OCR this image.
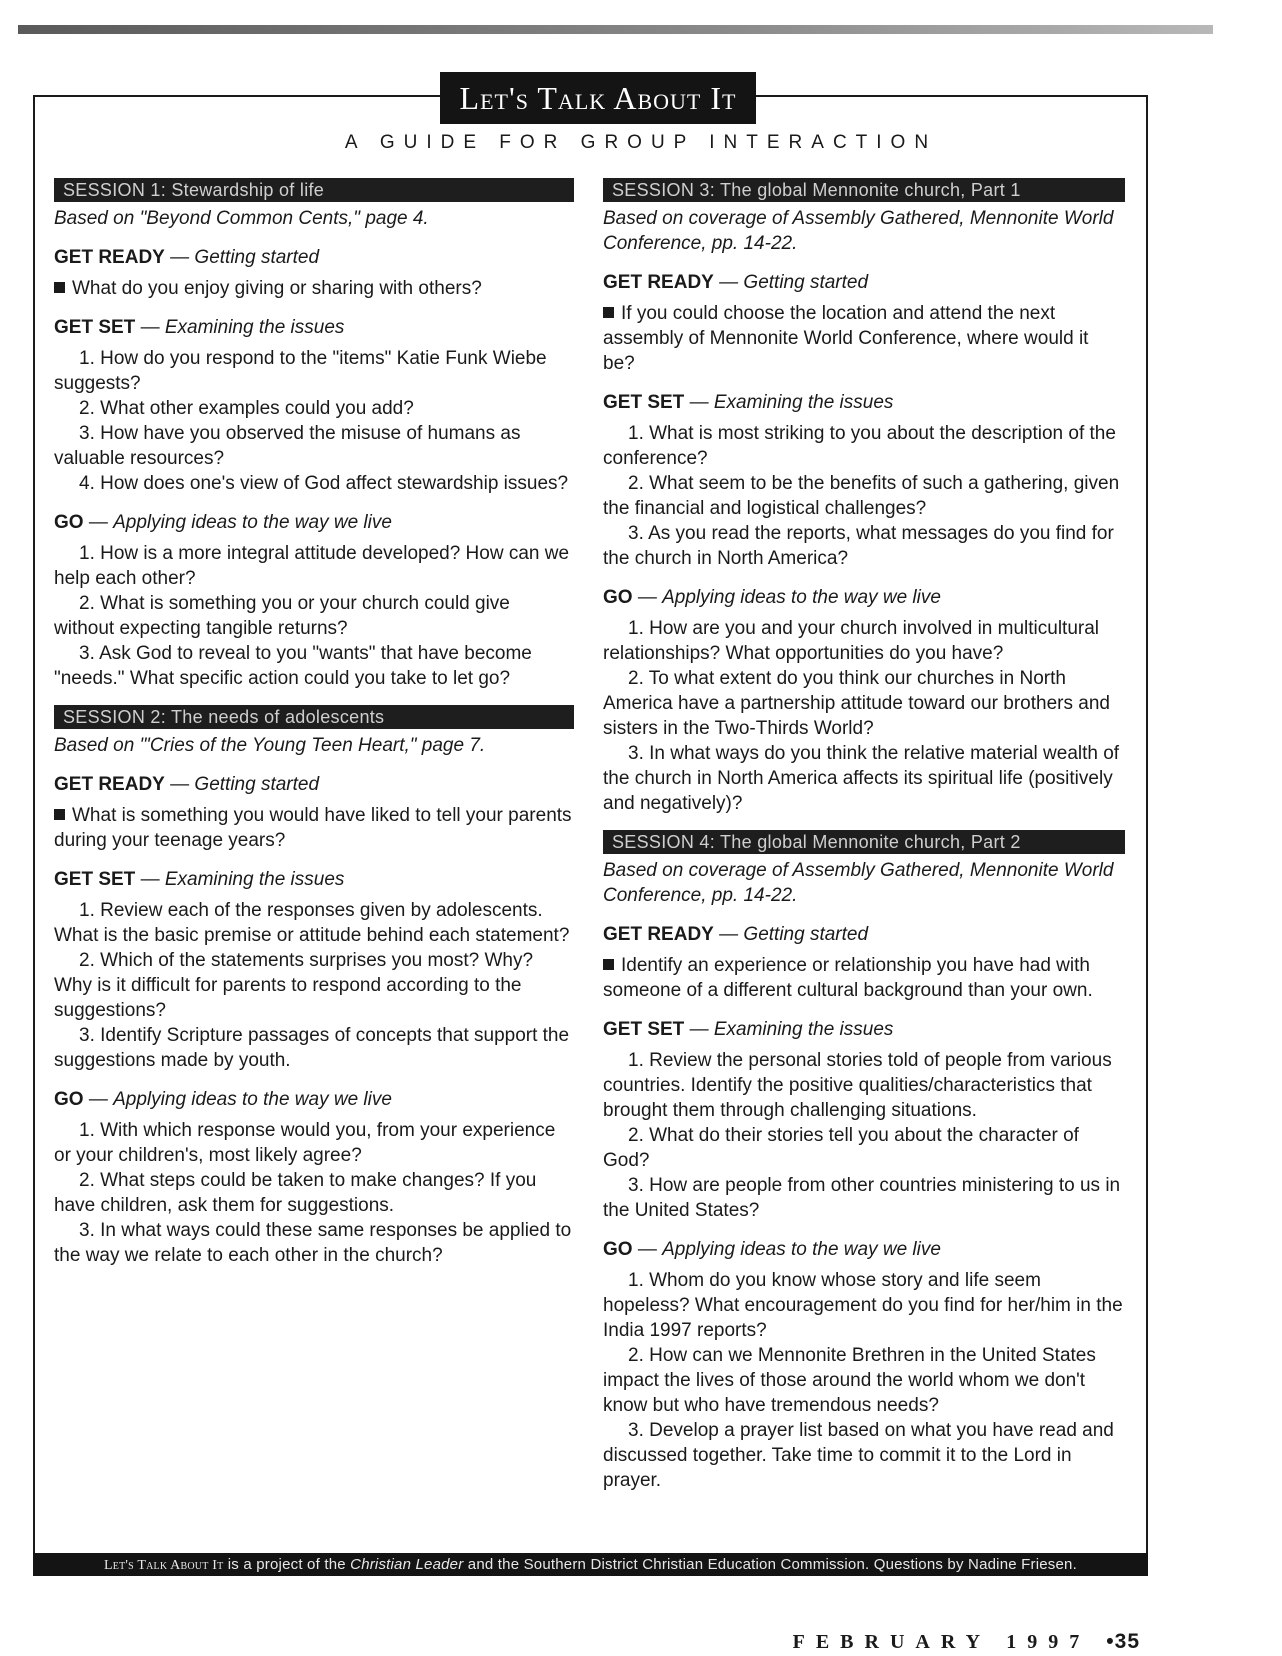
Let's Talk About It
A GUIDE FOR GROUP INTERACTION
SESSION 1: Stewardship of life
Based on "Beyond Common Cents," page 4.
GET READY — Getting started
What do you enjoy giving or sharing with others?
GET SET — Examining the issues
1. How do you respond to the "items" Katie Funk Wiebe suggests?
2. What other examples could you add?
3. How have you observed the misuse of humans as valuable resources?
4. How does one's view of God affect stewardship issues?
GO — Applying ideas to the way we live
1. How is a more integral attitude developed? How can we help each other?
2. What is something you or your church could give without expecting tangible returns?
3. Ask God to reveal to you "wants" that have become "needs." What specific action could you take to let go?
SESSION 2: The needs of adolescents
Based on "'Cries of the Young Teen Heart," page 7.
GET READY — Getting started
What is something you would have liked to tell your parents during your teenage years?
GET SET — Examining the issues
1. Review each of the responses given by adolescents. What is the basic premise or attitude behind each statement?
2. Which of the statements surprises you most? Why? Why is it difficult for parents to respond according to the suggestions?
3. Identify Scripture passages of concepts that support the suggestions made by youth.
GO — Applying ideas to the way we live
1. With which response would you, from your experience or your children's, most likely agree?
2. What steps could be taken to make changes? If you have children, ask them for suggestions.
3. In what ways could these same responses be applied to the way we relate to each other in the church?
SESSION 3: The global Mennonite church, Part 1
Based on coverage of Assembly Gathered, Mennonite World Conference, pp. 14-22.
GET READY — Getting started
If you could choose the location and attend the next assembly of Mennonite World Conference, where would it be?
GET SET — Examining the issues
1. What is most striking to you about the description of the conference?
2. What seem to be the benefits of such a gathering, given the financial and logistical challenges?
3. As you read the reports, what messages do you find for the church in North America?
GO — Applying ideas to the way we live
1. How are you and your church involved in multicultural relationships? What opportunities do you have?
2. To what extent do you think our churches in North America have a partnership attitude toward our brothers and sisters in the Two-Thirds World?
3. In what ways do you think the relative material wealth of the church in North America affects its spiritual life (positively and negatively)?
SESSION 4: The global Mennonite church, Part 2
Based on coverage of Assembly Gathered, Mennonite World Conference, pp. 14-22.
GET READY — Getting started
Identify an experience or relationship you have had with someone of a different cultural background than your own.
GET SET — Examining the issues
1. Review the personal stories told of people from various countries. Identify the positive qualities/characteristics that brought them through challenging situations.
2. What do their stories tell you about the character of God?
3. How are people from other countries ministering to us in the United States?
GO — Applying ideas to the way we live
1. Whom do you know whose story and life seem hopeless? What encouragement do you find for her/him in the India 1997 reports?
2. How can we Mennonite Brethren in the United States impact the lives of those around the world whom we don't know but who have tremendous needs?
3. Develop a prayer list based on what you have read and discussed together. Take time to commit it to the Lord in prayer.
Let's Talk About It is a project of the Christian Leader and the Southern District Christian Education Commission. Questions by Nadine Friesen.
FEBRUARY 1997 •35
